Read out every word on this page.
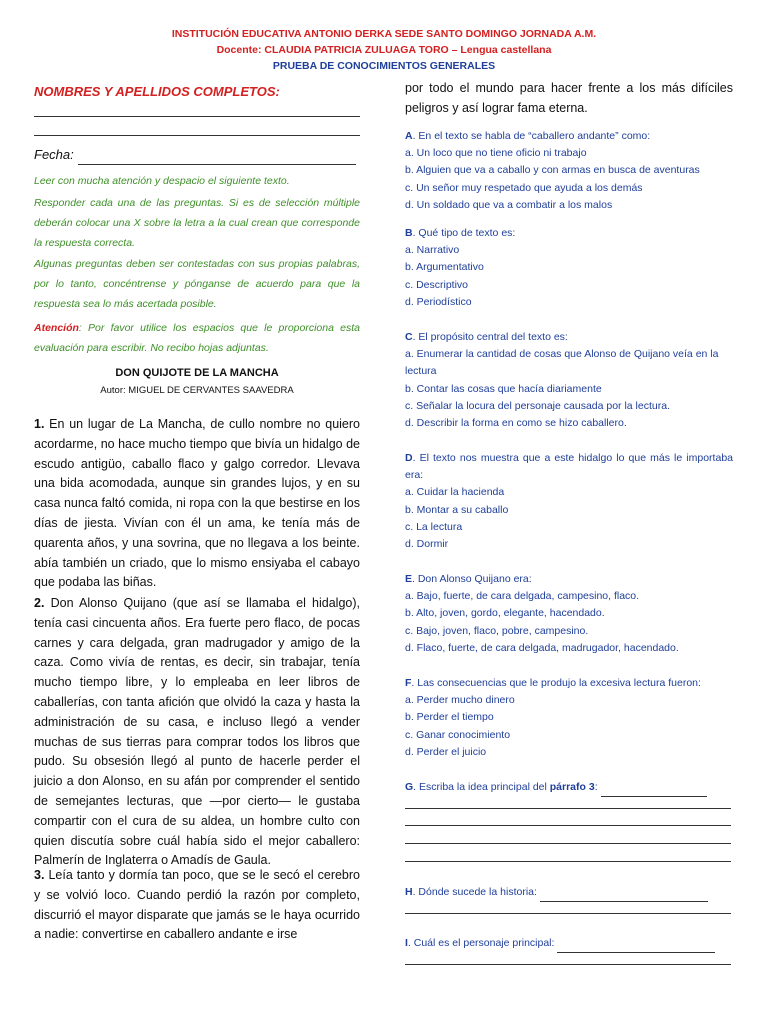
INSTITUCIÓN EDUCATIVA ANTONIO DERKA SEDE SANTO DOMINGO JORNADA A.M.
Docente: CLAUDIA PATRICIA ZULUAGA TORO – Lengua castellana
PRUEBA DE CONOCIMIENTOS GENERALES
NOMBRES Y APELLIDOS COMPLETOS:
Fecha:
Leer con mucha atención y despacio el siguiente texto.
Responder cada una de las preguntas. Si es de selección múltiple deberán colocar una X sobre la letra a la cual crean que corresponde la respuesta correcta.
Algunas preguntas deben ser contestadas con sus propias palabras, por lo tanto, concéntrense y pónganse de acuerdo para que la respuesta sea lo más acertada posible.
Atención: Por favor utilice los espacios que le proporciona esta evaluación para escribir. No recibo hojas adjuntas.
DON QUIJOTE DE LA MANCHA
Autor: MIGUEL DE CERVANTES SAAVEDRA

1. En un lugar de La Mancha, de cullo nombre no quiero acordarme, no hace mucho tiempo que bivía un hidalgo de escudo antigüo, caballo flaco y galgo corredor. Llevava una bida acomodada, aunque sin grandes lujos, y en su casa nunca faltó comida, ni ropa con la que bestirse en los días de jiesta. Vivían con él un ama, ke tenía más de quarenta años, y una sovrina, que no llegava a los beinte. abía también un criado, que lo mismo ensiyaba el cabayo que podaba las biñas.

2. Don Alonso Quijano (que así se llamaba el hidalgo), tenía casi cincuenta años. Era fuerte pero flaco, de pocas carnes y cara delgada, gran madrugador y amigo de la caza. Como vivía de rentas, es decir, sin trabajar, tenía mucho tiempo libre, y lo empleaba en leer libros de caballerías, con tanta afición que olvidó la caza y hasta la administración de su casa, e incluso llegó a vender muchas de sus tierras para comprar todos los libros que pudo. Su obsesión llegó al punto de hacerle perder el juicio a don Alonso, en su afán por comprender el sentido de semejantes lecturas, que —por cierto— le gustaba compartir con el cura de su aldea, un hombre culto con quien discutía sobre cuál había sido el mejor caballero: Palmerín de Inglaterra o Amadís de Gaula.

3. Leía tanto y dormía tan poco, que se le secó el cerebro y se volvió loco. Cuando perdió la razón por completo, discurrió el mayor disparate que jamás se le haya ocurrido a nadie: convertirse en caballero andante e irse

por todo el mundo para hacer frente a los más difíciles peligros y así lograr fama eterna.

A. En el texto se habla de “caballero andante” como:
a. Un loco que no tiene oficio ni trabajo
b. Alguien que va a caballo y con armas en busca de aventuras
c. Un señor muy respetado que ayuda a los demás
d. Un soldado que va a combatir a los malos
B. Qué tipo de texto es:
a. Narrativo
b. Argumentativo
c. Descriptivo
d. Periodístico
C. El propósito central del texto es:
a. Enumerar la cantidad de cosas que Alonso de Quijano veía en la lectura
b. Contar las cosas que hacía diariamente
c. Señalar la locura del personaje causada por la lectura.
d. Describir la forma en como se hizo caballero.
D. El texto nos muestra que a este hidalgo lo que más le importaba era:
a. Cuidar la hacienda
b. Montar a su caballo
c. La lectura
d. Dormir
E. Don Alonso Quijano era:
a. Bajo, fuerte, de cara delgada, campesino, flaco.
b. Alto, joven, gordo, elegante, hacendado.
c. Bajo, joven, flaco, pobre, campesino.
d. Flaco, fuerte, de cara delgada, madrugador, hacendado.
F. Las consecuencias que le produjo la excesiva lectura fueron:
a. Perder mucho dinero
b. Perder el tiempo
c. Ganar conocimiento
d. Perder el juicio
G. Escriba la idea principal del párrafo 3:
H. Dónde sucede la historia:
I. Cuál es el personaje principal:
